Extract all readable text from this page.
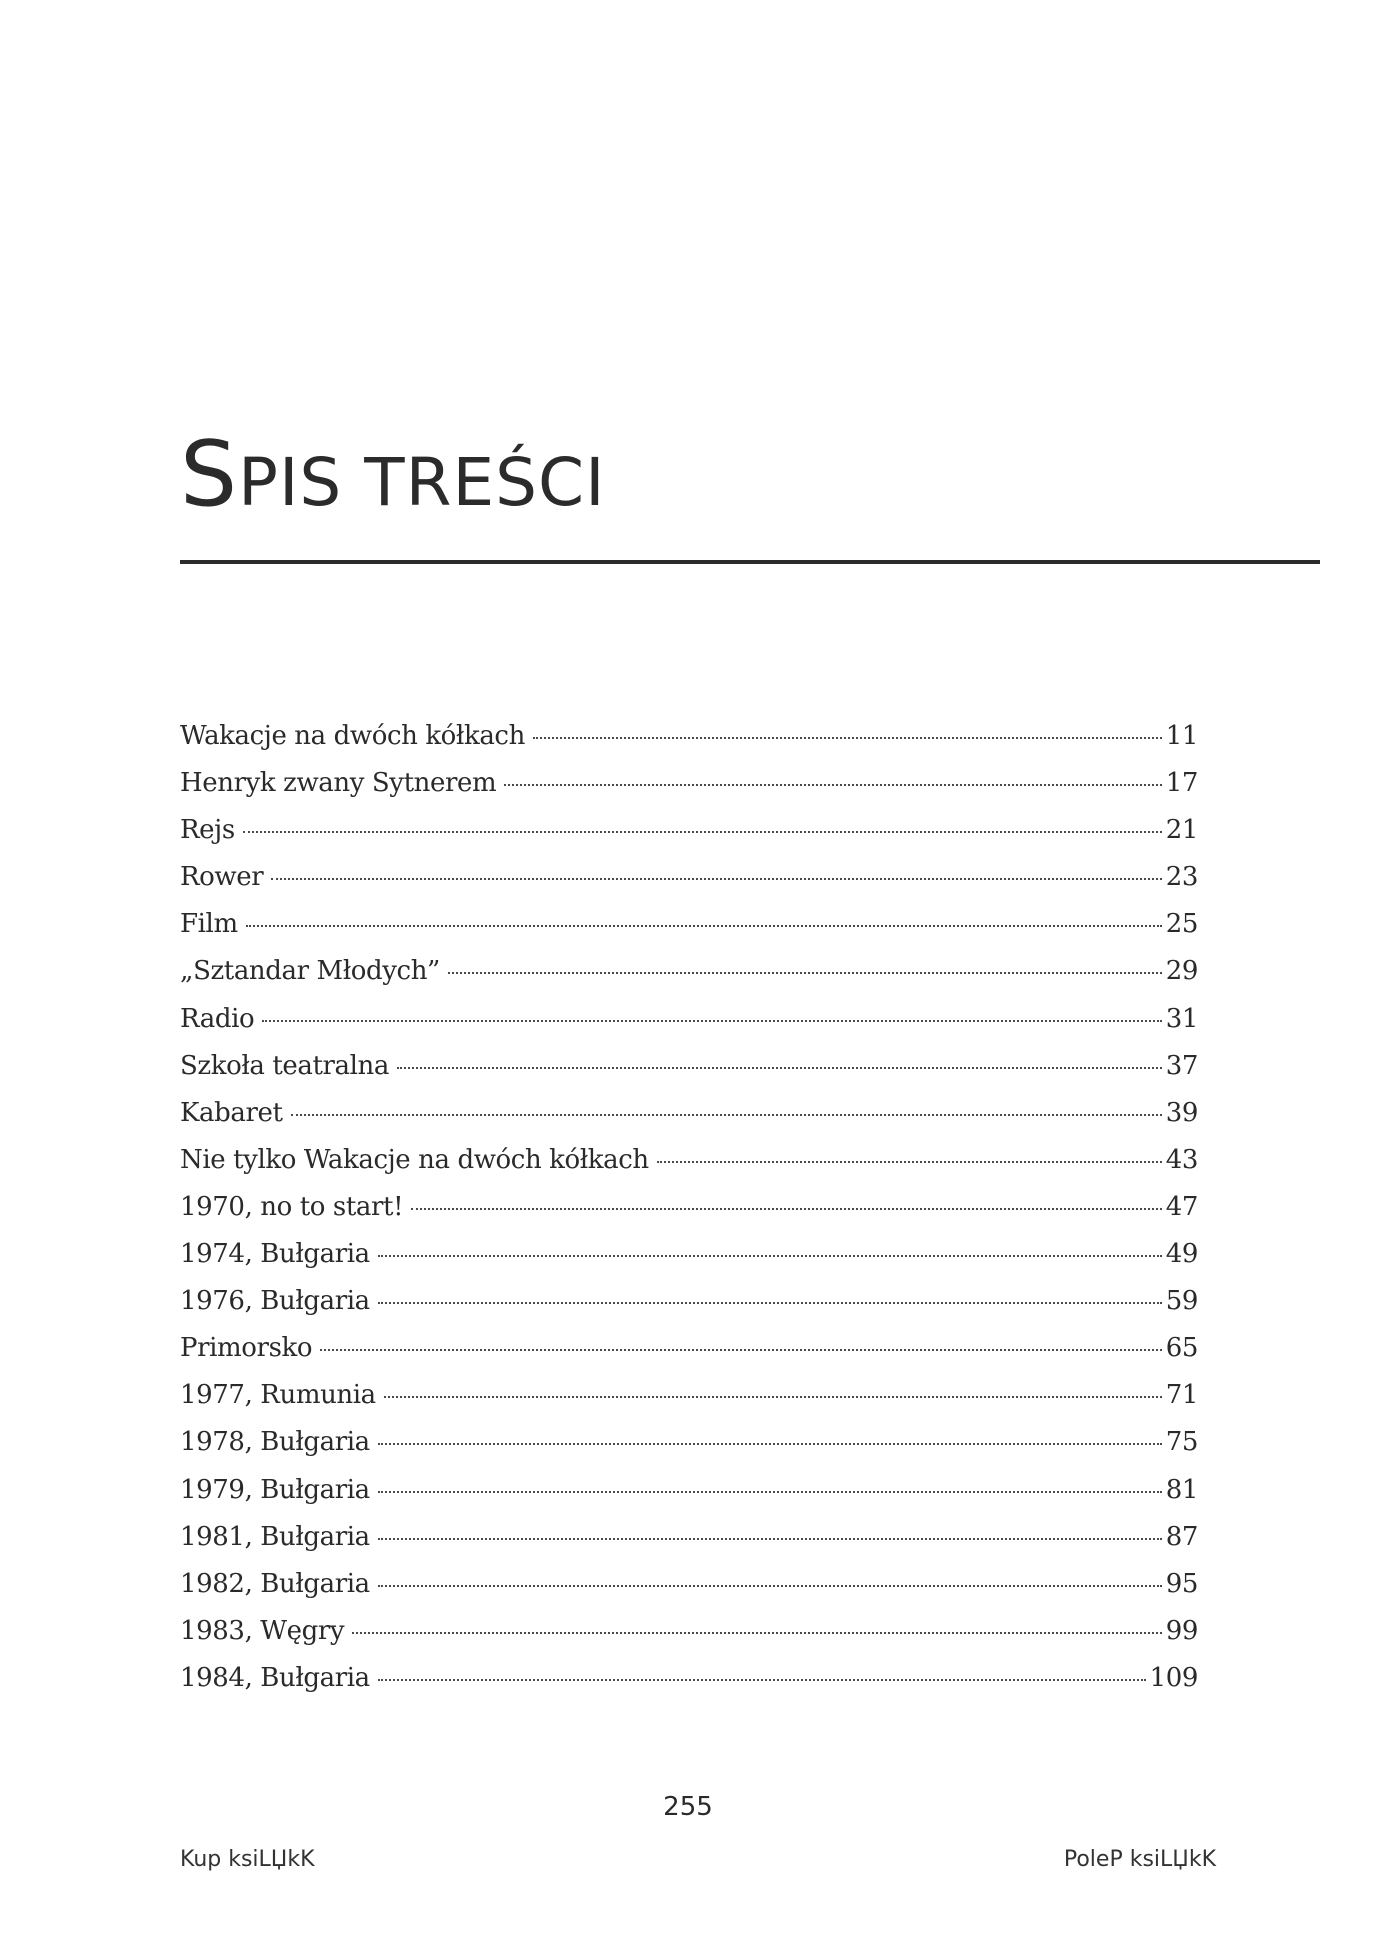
SPIS TREŚCI
Wakacje na dwóch kółkach	11
Henryk zwany Sytnerem	17
Rejs	21
Rower	23
Film	25
„Sztandar Młodych”	29
Radio	31
Szkoła teatralna	37
Kabaret	39
Nie tylko Wakacje na dwóch kółkach	43
1970, no to start!	47
1974, Bułgaria	49
1976, Bułgaria	59
Primorsko	65
1977, Rumunia	71
1978, Bułgaria	75
1979, Bułgaria	81
1981, Bułgaria	87
1982, Bułgaria	95
1983, Węgry	99
1984, Bułgaria	109
255
Kup ksiLЏkK	PoleP ksiLЏkK
